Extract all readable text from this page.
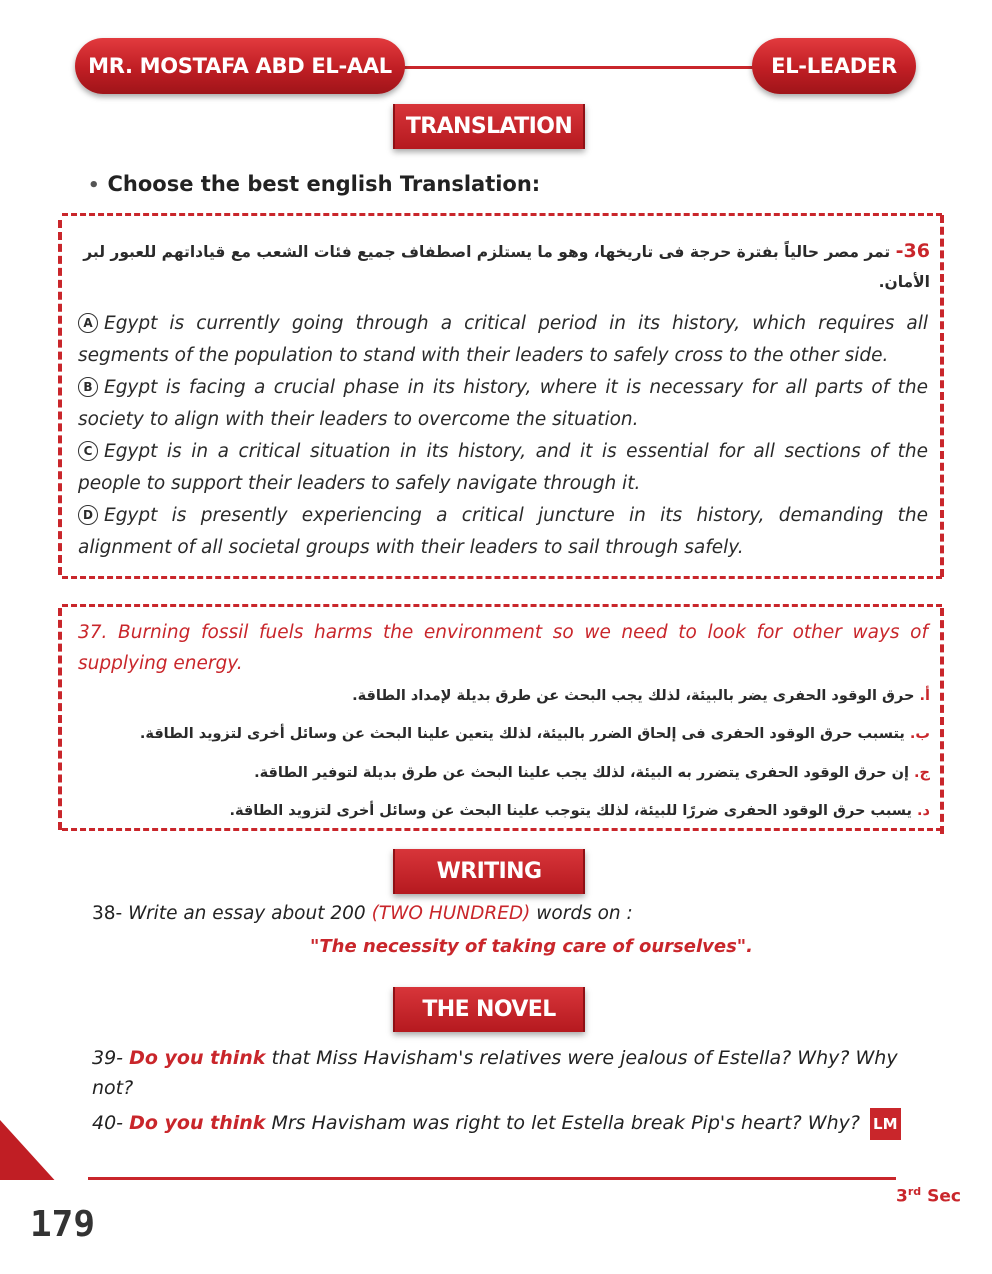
MR. MOSTAFA ABD EL-AAL	EL-LEADER
TRANSLATION
• Choose the best english Translation:
36- تمر مصر حالياً بفترة حرجة فى تاريخها، وهو ما يستلزم اصطفاف جميع فئات الشعب مع قياداتهم للعبور لبر الأمان.
A Egypt is currently going through a critical period in its history, which requires all segments of the population to stand with their leaders to safely cross to the other side.
B Egypt is facing a crucial phase in its history, where it is necessary for all parts of the society to align with their leaders to overcome the situation.
C Egypt is in a critical situation in its history, and it is essential for all sections of the people to support their leaders to safely navigate through it.
D Egypt is presently experiencing a critical juncture in its history, demanding the alignment of all societal groups with their leaders to sail through safely.
37. Burning fossil fuels harms the environment so we need to look for other ways of supplying energy.
أ. حرق الوقود الحفرى يضر بالبيئة، لذلك يجب البحث عن طرق بديلة لإمداد الطاقة.
ب. يتسبب حرق الوقود الحفرى فى إلحاق الضرر بالبيئة، لذلك يتعين علينا البحث عن وسائل أخرى لتزويد الطاقة.
ج. إن حرق الوقود الحفرى يتضرر به البيئة، لذلك يجب علينا البحث عن طرق بديلة لتوفير الطاقة.
د. يسبب حرق الوقود الحفرى ضررًا للبيئة، لذلك يتوجب علينا البحث عن وسائل أخرى لتزويد الطاقة.
WRITING
38- Write an essay about 200 (TWO HUNDRED) words on :
"The necessity of taking care of ourselves".
THE NOVEL
39- Do you think that Miss Havisham's relatives were jealous of Estella? Why? Why not?
40- Do you think Mrs Havisham was right to let Estella break Pip's heart? Why? LM
179
3rd Sec
